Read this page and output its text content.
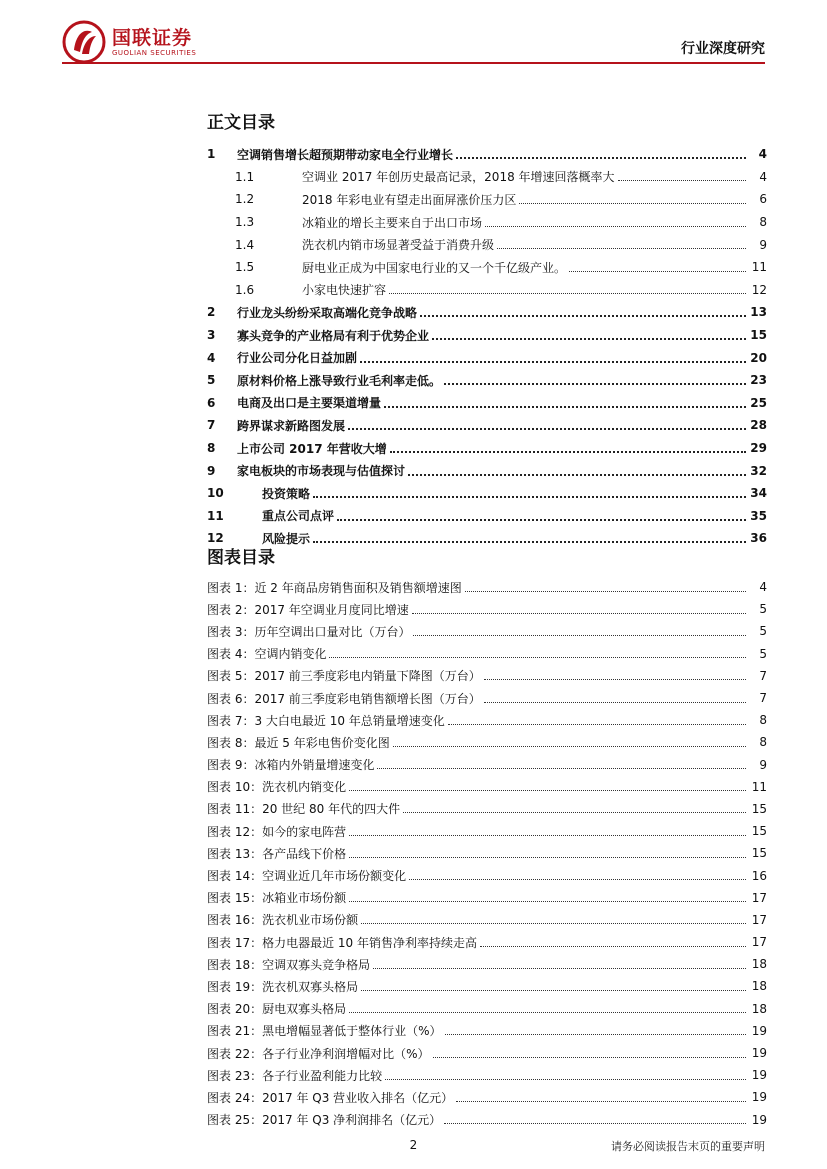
国联证券
GUOLIAN SECURITIES	行业深度研究
正文目录
1	空调销售增长超预期带动家电全行业增长	4
1.1	空调业 2017 年创历史最高记录，2018 年增速回落概率大	4
1.2	2018 年彩电业有望走出面屏涨价压力区	6
1.3	冰箱业的增长主要来自于出口市场	8
1.4	洗衣机内销市场显著受益于消费升级	9
1.5	厨电业正成为中国家电行业的又一个千亿级产业。	11
1.6	小家电快速扩容	12
2	行业龙头纷纷采取高端化竞争战略	13
3	寡头竞争的产业格局有利于优势企业	15
4	行业公司分化日益加剧	20
5	原材料价格上涨导致行业毛利率走低。	23
6	电商及出口是主要渠道增量	25
7	跨界谋求新路图发展	28
8	上市公司 2017 年营收大增	29
9	家电板块的市场表现与估值探讨	32
10	投资策略	34
11	重点公司点评	35
12	风险提示	36
图表目录
图表 1：近 2 年商品房销售面积及销售额增速图	4
图表 2：2017 年空调业月度同比增速	5
图表 3：历年空调出口量对比（万台）	5
图表 4：空调内销变化	5
图表 5：2017 前三季度彩电内销量下降图（万台）	7
图表 6：2017 前三季度彩电销售额增长图（万台）	7
图表 7：3 大白电最近 10 年总销量增速变化	8
图表 8：最近 5 年彩电售价变化图	8
图表 9：冰箱内外销量增速变化	9
图表 10：洗衣机内销变化	11
图表 11：20 世纪 80 年代的四大件	15
图表 12：如今的家电阵营	15
图表 13：各产品线下价格	15
图表 14：空调业近几年市场份额变化	16
图表 15：冰箱业市场份额	17
图表 16：洗衣机业市场份额	17
图表 17：格力电器最近 10 年销售净利率持续走高	17
图表 18：空调双寡头竞争格局	18
图表 19：洗衣机双寡头格局	18
图表 20：厨电双寡头格局	18
图表 21：黑电增幅显著低于整体行业（%）	19
图表 22：各子行业净利润增幅对比（%）	19
图表 23：各子行业盈利能力比较	19
图表 24：2017 年 Q3 营业收入排名（亿元）	19
图表 25：2017 年 Q3 净利润排名（亿元）	19
2	请务必阅读报告末页的重要声明
